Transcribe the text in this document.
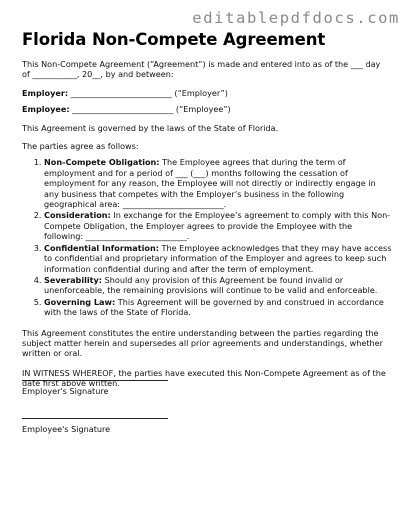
editablepdfdocs.com
Florida Non-Compete Agreement

This Non-Compete Agreement (“Agreement”) is made and entered into as of the ___ day
of ___________, 20__, by and between:

Employer: _________________________ (“Employer”)

Employee: _________________________ (“Employee”)

This Agreement is governed by the laws of the State of Florida.

The parties agree as follows:

1. Non-Compete Obligation: The Employee agrees that during the term of employment and for a period of ___ (___) months following the cessation of employment for any reason, the Employee will not directly or indirectly engage in any business that competes with the Employer’s business in the following geographical area: _________________________.
2. Consideration: In exchange for the Employee’s agreement to comply with this Non-Compete Obligation, the Employer agrees to provide the Employee with the following: _________________________.
3. Confidential Information: The Employee acknowledges that they may have access to confidential and proprietary information of the Employer and agrees to keep such information confidential during and after the term of employment.
4. Severability: Should any provision of this Agreement be found invalid or unenforceable, the remaining provisions will continue to be valid and enforceable.
5. Governing Law: This Agreement will be governed by and construed in accordance with the laws of the State of Florida.

This Agreement constitutes the entire understanding between the parties regarding the subject matter herein and supersedes all prior agreements and understandings, whether written or oral.

IN WITNESS WHEREOF, the parties have executed this Non-Compete Agreement as of the date first above written.

Employer's Signature
Employee's Signature
